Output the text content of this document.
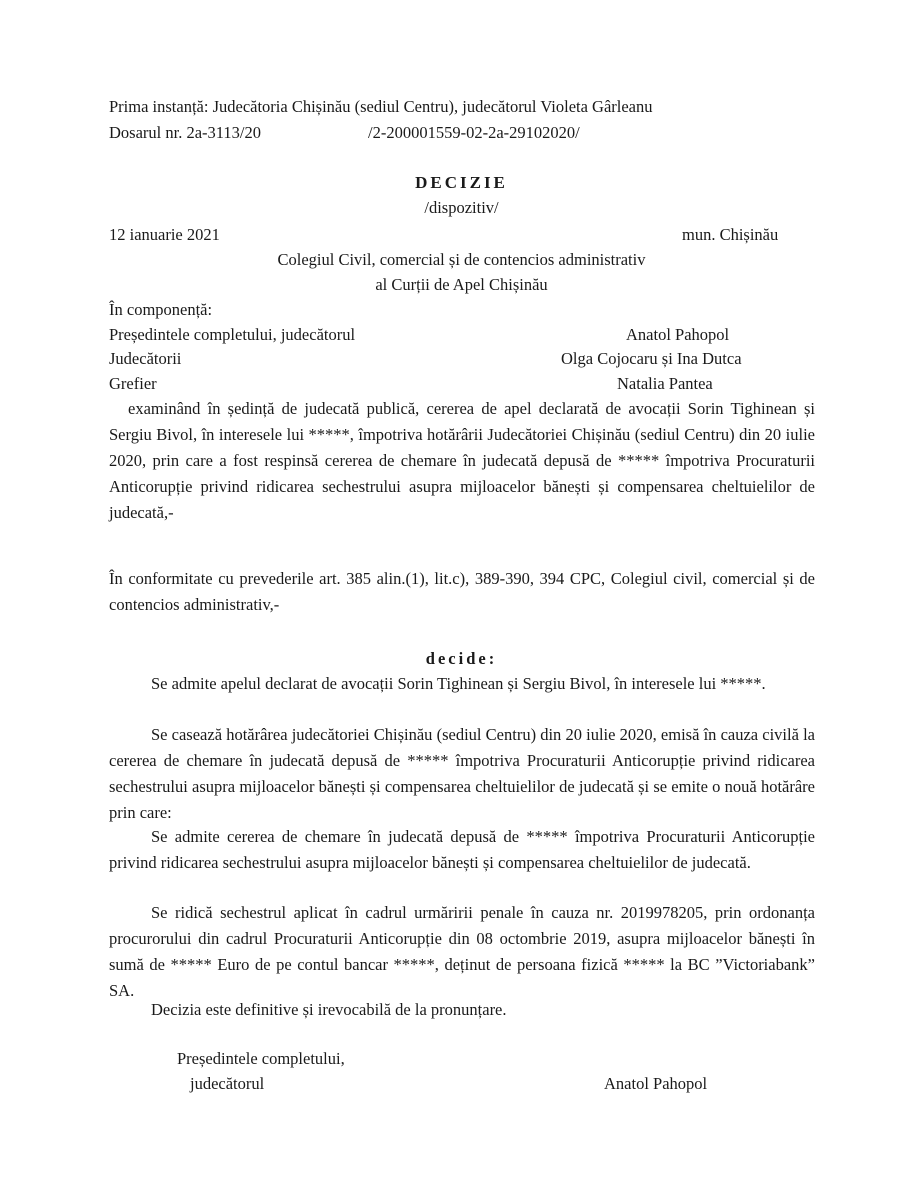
Prima instanță: Judecătoria Chișinău (sediul Centru), judecătorul Violeta Gârleanu
Dosarul nr. 2a-3113/20	/2-200001559-02-2a-29102020/
DECIZIE
/dispozitiv/
12 ianuarie 2021	mun. Chișinău
Colegiul Civil, comercial și de contencios administrativ
al Curții de Apel Chișinău
În componență:
Președintele completului, judecătorul	Anatol Pahopol
Judecătorii	Olga Cojocaru și Ina Dutca
Grefier	Natalia Pantea
examinând în ședință de judecată publică, cererea de apel declarată de avocații Sorin Tighinean și Sergiu Bivol, în interesele lui *****, împotriva hotărârii Judecătoriei Chișinău (sediul Centru) din 20 iulie 2020, prin care a fost respinsă cererea de chemare în judecată depusă de ***** împotriva Procuraturii Anticorupție privind ridicarea sechestrului asupra mijloacelor bănești și compensarea cheltuielilor de judecată,-
În conformitate cu prevederile art. 385 alin.(1), lit.c), 389-390, 394 CPC, Colegiul civil, comercial și de contencios administrativ,-
decide:
Se admite apelul declarat de avocații Sorin Tighinean și Sergiu Bivol, în interesele lui *****.
Se casează hotărârea judecătoriei Chișinău (sediul Centru) din 20 iulie 2020, emisă în cauza civilă la cererea de chemare în judecată depusă de ***** împotriva Procuraturii Anticorupție privind ridicarea sechestrului asupra mijloacelor bănești și compensarea cheltuielilor de judecată și se emite o nouă hotărâre prin care:
Se admite cererea de chemare în judecată depusă de ***** împotriva Procuraturii Anticorupție privind ridicarea sechestrului asupra mijloacelor bănești și compensarea cheltuielilor de judecată.
Se ridică sechestrul aplicat în cadrul urmăririi penale în cauza nr. 2019978205, prin ordonanța procurorului din cadrul Procuraturii Anticorupție din 08 octombrie 2019, asupra mijloacelor bănești în sumă de ***** Euro de pe contul bancar *****, deținut de persoana fizică ***** la BC ”Victoriabank” SA.
Decizia este definitive și irevocabilă de la pronunțare.
Președintele completului,
judecătorul	Anatol Pahopol
